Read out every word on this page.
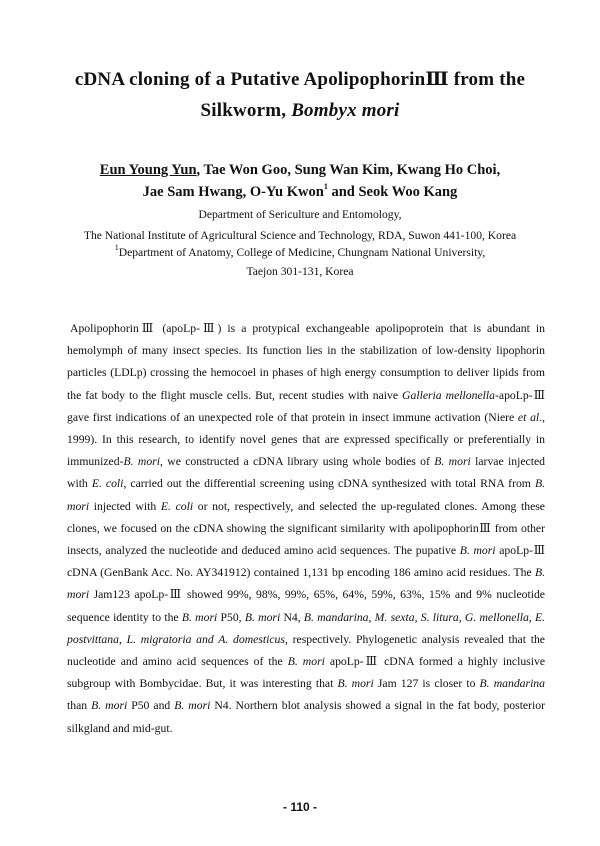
cDNA cloning of a Putative ApolipophorinⅢ from the
Silkworm, Bombyx mori
Eun Young Yun, Tae Won Goo, Sung Wan Kim, Kwang Ho Choi,
Jae Sam Hwang, O-Yu Kwon$^1$ and Seok Woo Kang
Department of Sericulture and Entomology,
The National Institute of Agricultural Science and Technology, RDA, Suwon 441-100, Korea
$^1$Department of Anatomy, College of Medicine, Chungnam National University,
Taejon 301-131, Korea

ApolipophorinⅢ (apoLp-Ⅲ) is a protypical exchangeable apolipoprotein that is abundant in hemolymph of many insect species. Its function lies in the stabilization of low-density lipophorin particles (LDLp) crossing the hemocoel in phases of high energy consumption to deliver lipids from the fat body to the flight muscle cells. But, recent studies with naive Galleria mellonella-apoLp-Ⅲ gave first indications of an unexpected role of that protein in insect immune activation (Niere et al., 1999). In this research, to identify novel genes that are expressed specifically or preferentially in immunized-B. mori, we constructed a cDNA library using whole bodies of B. mori larvae injected with E. coli, carried out the differential screening using cDNA synthesized with total RNA from B. mori injected with E. coli or not, respectively, and selected the up-regulated clones. Among these clones, we focused on the cDNA showing the significant similarity with apolipophorinⅢ from other insects, analyzed the nucleotide and deduced amino acid sequences. The pupative B. mori apoLp-Ⅲ cDNA (GenBank Acc. No. AY341912) contained 1,131 bp encoding 186 amino acid residues. The B. mori Jam123 apoLp-Ⅲ showed 99%, 98%, 99%, 65%, 64%, 59%, 63%, 15% and 9% nucleotide sequence identity to the B. mori P50, B. mori N4, B. mandarina, M. sexta, S. litura, G. mellonella, E. postvittana, L. migratoria and A. domesticus, respectively. Phylogenetic analysis revealed that the nucleotide and amino acid sequences of the B. mori apoLp-Ⅲ cDNA formed a highly inclusive subgroup with Bombycidae. But, it was interesting that B. mori Jam 127 is closer to B. mandarina than B. mori P50 and B. mori N4. Northern blot analysis showed a signal in the fat body, posterior silkgland and mid-gut.

- 110 -
